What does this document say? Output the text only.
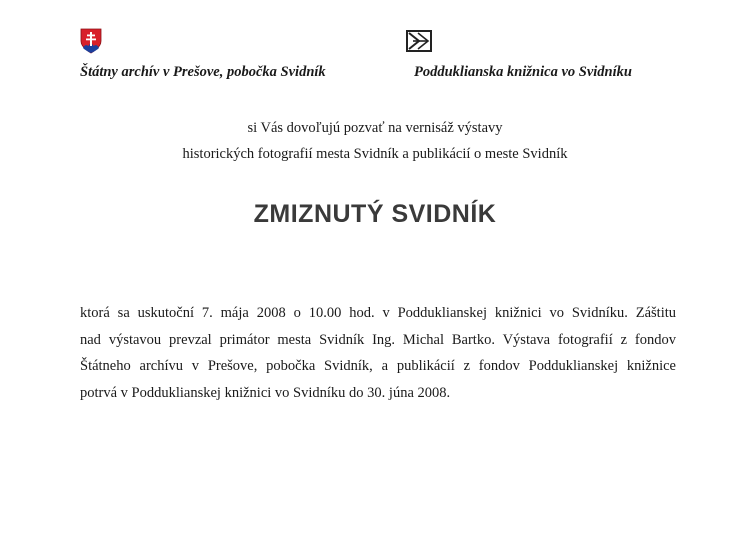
Štátny archív v Prešove, pobočka Svidník	Podduklianska knižnica vo Svidníku
si Vás dovoľujú pozvať na vernisáž výstavy
historických fotografií mesta Svidník a publikácií o meste Svidník
ZMIZNUTÝ SVIDNÍK
ktorá sa uskutoční 7. mája 2008 o 10.00 hod. v Podduklianskej knižnici vo Svidníku. Záštitu
nad výstavou prevzal primátor mesta Svidník Ing. Michal Bartko. Výstava fotografií z fondov
Štátneho archívu v Prešove, pobočka Svidník, a publikácií z fondov Podduklianskej knižnice
potrvá v Podduklianskej knižnici vo Svidníku do 30. júna 2008.
